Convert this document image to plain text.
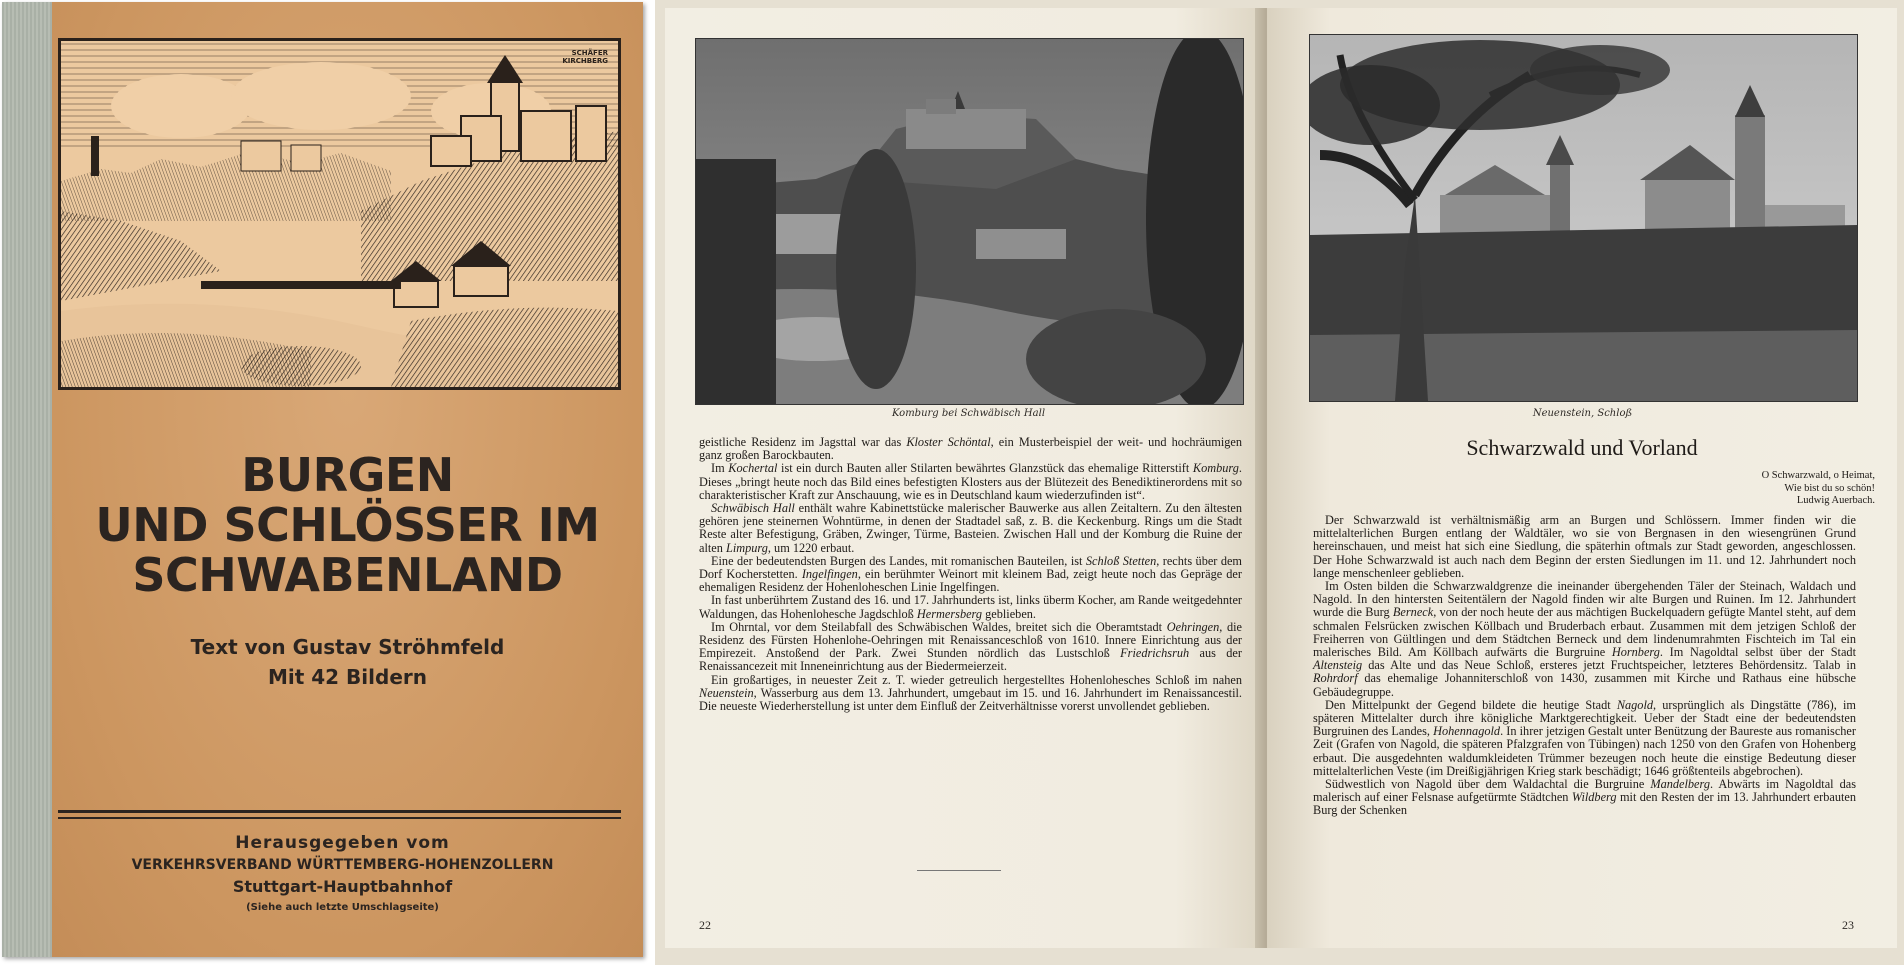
SCHÄFER
KIRCHBERG
BURGEN
UND SCHLÖSSER IM
SCHWABENLAND
Text von Gustav Ströhmfeld
Mit 42 Bildern
Herausgegeben vom
VERKEHRSVERBAND WÜRTTEMBERG-HOHENZOLLERN
Stuttgart-Hauptbahnhof
(Siehe auch letzte Umschlagseite)
Komburg bei Schwäbisch Hall

geistliche Residenz im Jagsttal war das Kloster Schöntal, ein Musterbeispiel der weit- und hochräumigen ganz großen Barockbauten.

Im Kochertal ist ein durch Bauten aller Stilarten bewährtes Glanzstück das ehemalige Ritterstift Komburg. Dieses „bringt heute noch das Bild eines befestigten Klosters aus der Blütezeit des Benediktinerordens mit so charakteristischer Kraft zur Anschauung, wie es in Deutschland kaum wiederzufinden ist“.

Schwäbisch Hall enthält wahre Kabinettstücke malerischer Bauwerke aus allen Zeitaltern. Zu den ältesten gehören jene steinernen Wohntürme, in denen der Stadtadel saß, z. B. die Keckenburg. Rings um die Stadt Reste alter Befestigung, Gräben, Zwinger, Türme, Basteien. Zwischen Hall und der Komburg die Ruine der alten Limpurg, um 1220 erbaut.

Eine der bedeutendsten Burgen des Landes, mit romanischen Bauteilen, ist Schloß Stetten, rechts über dem Dorf Kocherstetten. Ingelfingen, ein berühmter Weinort mit kleinem Bad, zeigt heute noch das Gepräge der ehemaligen Residenz der Hohenloheschen Linie Ingelfingen.

In fast unberührtem Zustand des 16. und 17. Jahrhunderts ist, links überm Kocher, am Rande weitgedehnter Waldungen, das Hohenlohesche Jagdschloß Hermersberg geblieben.

Im Ohrntal, vor dem Steilabfall des Schwäbischen Waldes, breitet sich die Oberamtstadt Oehringen, die Residenz des Fürsten Hohenlohe-Oehringen mit Renaissanceschloß von 1610. Innere Einrichtung aus der Empirezeit. Anstoßend der Park. Zwei Stunden nördlich das Lustschloß Friedrichsruh aus der Renaissancezeit mit Inneneinrichtung aus der Biedermeierzeit.

Ein großartiges, in neuester Zeit z. T. wieder getreulich hergestelltes Hohenlohesches Schloß im nahen Neuenstein, Wasserburg aus dem 13. Jahrhundert, umgebaut im 15. und 16. Jahrhundert im Renaissancestil. Die neueste Wiederherstellung ist unter dem Einfluß der Zeitverhältnisse vorerst unvollendet geblieben.

22
Neuenstein, Schloß
Schwarzwald und Vorland
O Schwarzwald, o Heimat,
Wie bist du so schön!
Ludwig Auerbach.

Der Schwarzwald ist verhältnismäßig arm an Burgen und Schlössern. Immer finden wir die mittelalterlichen Burgen entlang der Waldtäler, wo sie von Bergnasen in den wiesengrünen Grund hereinschauen, und meist hat sich eine Siedlung, die späterhin oftmals zur Stadt geworden, angeschlossen. Der Hohe Schwarzwald ist auch nach dem Beginn der ersten Siedlungen im 11. und 12. Jahrhundert noch lange menschenleer geblieben.

Im Osten bilden die Schwarzwaldgrenze die ineinander übergehenden Täler der Steinach, Waldach und Nagold. In den hintersten Seitentälern der Nagold finden wir alte Burgen und Ruinen. Im 12. Jahrhundert wurde die Burg Berneck, von der noch heute der aus mächtigen Buckelquadern gefügte Mantel steht, auf dem schmalen Felsrücken zwischen Köllbach und Bruderbach erbaut. Zusammen mit dem jetzigen Schloß der Freiherren von Gültlingen und dem Städtchen Berneck und dem lindenumrahmten Fischteich im Tal ein malerisches Bild. Am Köllbach aufwärts die Burgruine Hornberg. Im Nagoldtal selbst über der Stadt Altensteig das Alte und das Neue Schloß, ersteres jetzt Fruchtspeicher, letzteres Behördensitz. Talab in Rohrdorf das ehemalige Johanniterschloß von 1430, zusammen mit Kirche und Rathaus eine hübsche Gebäudegruppe.

Den Mittelpunkt der Gegend bildete die heutige Stadt Nagold, ursprünglich als Dingstätte (786), im späteren Mittelalter durch ihre königliche Marktgerechtigkeit. Ueber der Stadt eine der bedeutendsten Burgruinen des Landes, Hohennagold. In ihrer jetzigen Gestalt unter Benützung der Baureste aus romanischer Zeit (Grafen von Nagold, die späteren Pfalzgrafen von Tübingen) nach 1250 von den Grafen von Hohenberg erbaut. Die ausgedehnten waldumkleideten Trümmer bezeugen noch heute die einstige Bedeutung dieser mittelalterlichen Veste (im Dreißigjährigen Krieg stark beschädigt; 1646 größtenteils abgebrochen).

Südwestlich von Nagold über dem Waldachtal die Burgruine Mandelberg. Abwärts im Nagoldtal das malerisch auf einer Felsnase aufgetürmte Städtchen Wildberg mit den Resten der im 13. Jahrhundert erbauten Burg der Schenken

23
